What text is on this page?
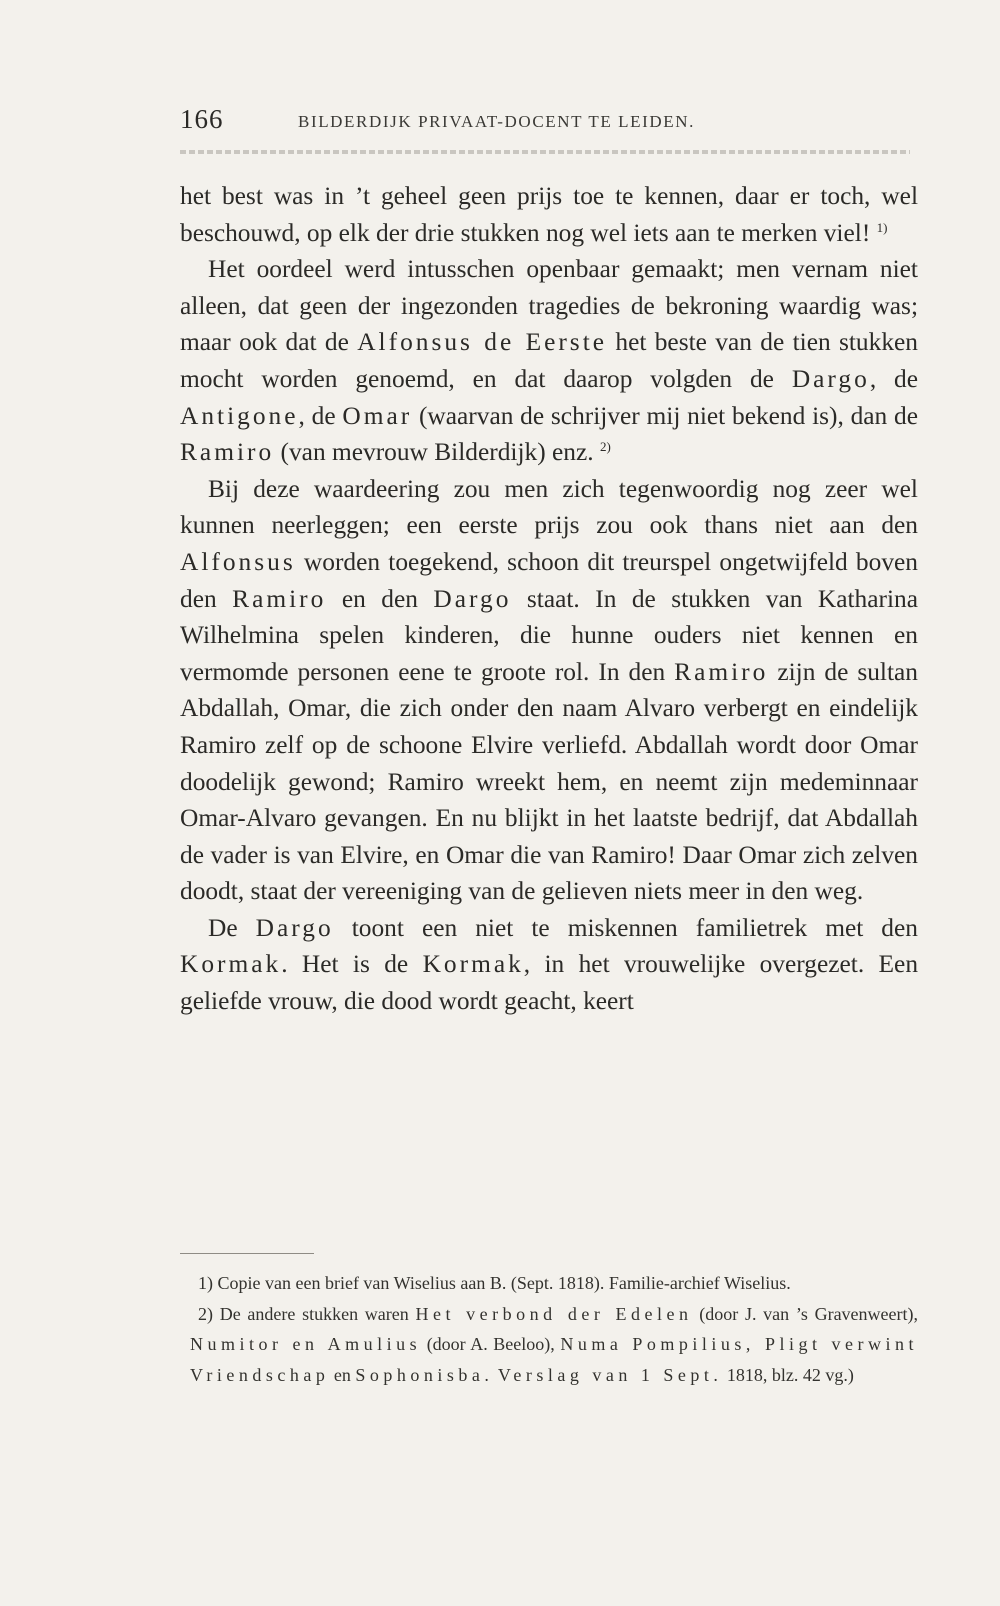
166	BILDERDIJK PRIVAAT-DOCENT TE LEIDEN.

het best was in ’t geheel geen prijs toe te kennen, daar er toch, wel beschouwd, op elk der drie stukken nog wel iets aan te merken viel! $^{1)}$

Het oordeel werd intusschen openbaar gemaakt; men vernam niet alleen, dat geen der ingezonden tragedies de bekroning waardig was; maar ook dat de Alfonsus de Eerste het beste van de tien stukken mocht worden genoemd, en dat daarop volgden de Dargo, de Antigone, de Omar (waarvan de schrijver mij niet bekend is), dan de Ramiro (van mevrouw Bilderdijk) enz. $^{2)}$

Bij deze waardeering zou men zich tegenwoordig nog zeer wel kunnen neerleggen; een eerste prijs zou ook thans niet aan den Alfonsus worden toegekend, schoon dit treurspel ongetwijfeld boven den Ramiro en den Dargo staat. In de stukken van Katharina Wilhelmina spelen kinderen, die hunne ouders niet kennen en vermomde personen eene te groote rol. In den Ramiro zijn de sultan Abdallah, Omar, die zich onder den naam Alvaro verbergt en eindelijk Ramiro zelf op de schoone Elvire verliefd. Abdallah wordt door Omar doodelijk gewond; Ramiro wreekt hem, en neemt zijn medeminnaar Omar-Alvaro gevangen. En nu blijkt in het laatste bedrijf, dat Abdallah de vader is van Elvire, en Omar die van Ramiro! Daar Omar zich zelven doodt, staat der vereeniging van de gelieven niets meer in den weg.

De Dargo toont een niet te miskennen familietrek met den Kormak. Het is de Kormak, in het vrouwelijke overgezet. Een geliefde vrouw, die dood wordt geacht, keert

1) Copie van een brief van Wiselius aan B. (Sept. 1818). Familie-archief Wiselius.

2) De andere stukken waren Het verbond der Edelen (door J. van ’s Gravenweert), Numitor en Amulius (door A. Beeloo), Numa Pompilius, Pligt verwint Vriendschap en Sophonisba. Verslag van 1 Sept. 1818, blz. 42 vg.)
